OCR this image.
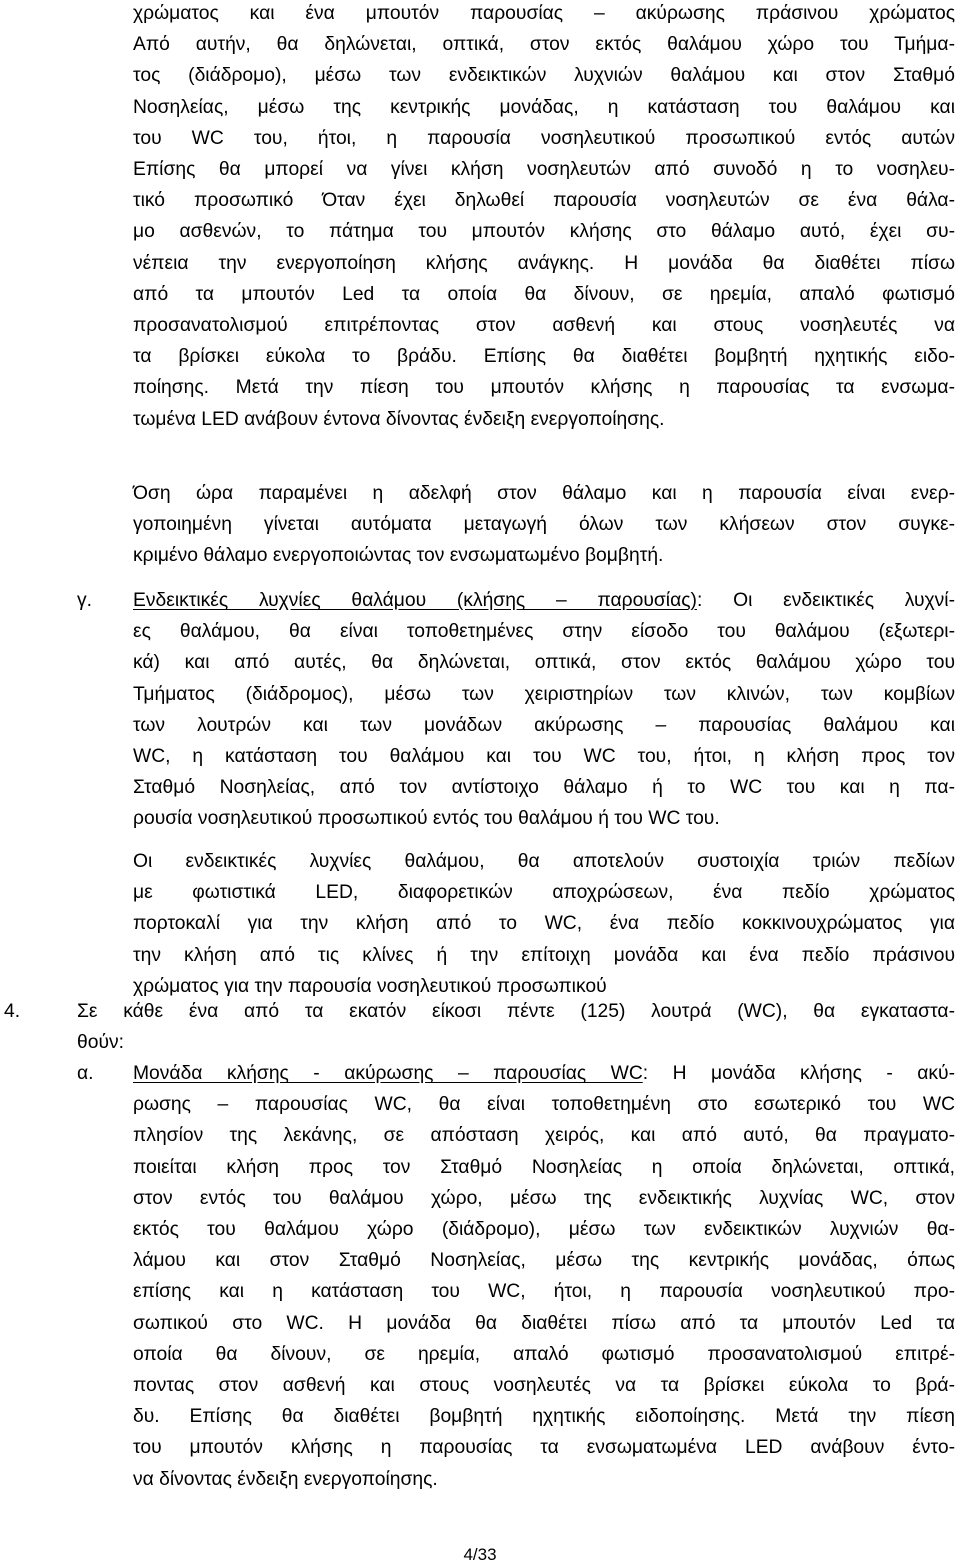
χρώματος και ένα μπουτόν παρουσίας – ακύρωσης πράσινου χρώματος
Από αυτήν, θα δηλώνεται, οπτικά, στον εκτός θαλάμου χώρο του Τμήμα-
τος (διάδρομο), μέσω των ενδεικτικών λυχνιών θαλάμου και στον Σταθμό
Νοσηλείας, μέσω της κεντρικής μονάδας, η κατάσταση του θαλάμου και
του WC του, ήτοι, η παρουσία νοσηλευτικού προσωπικού εντός αυτών
Επίσης θα μπορεί να γίνει κλήση νοσηλευτών από συνοδό η το νοσηλευ-
τικό προσωπικό Όταν έχει δηλωθεί παρουσία νοσηλευτών σε ένα θάλα-
μο ασθενών, το πάτημα του μπουτόν κλήσης στο θάλαμο αυτό, έχει συ-
νέπεια την ενεργοποίηση κλήσης ανάγκης. Η μονάδα θα διαθέτει πίσω
από τα μπουτόν Led τα οποία θα δίνουν, σε ηρεμία, απαλό φωτισμό
προσανατολισμού επιτρέποντας στον ασθενή και στους νοσηλευτές να
τα βρίσκει εύκολα το βράδυ. Επίσης θα διαθέτει βομβητή ηχητικής ειδο-
ποίησης. Μετά την πίεση του μπουτόν κλήσης η παρουσίας τα ενσωμα-
τωμένα LED ανάβουν έντονα δίνοντας ένδειξη ενεργοποίησης.
Όση ώρα παραμένει η αδελφή στον θάλαμο και η παρουσία είναι ενερ-
γοποιημένη γίνεται αυτόματα μεταγωγή όλων των κλήσεων στον συγκε-
κριμένο θάλαμο ενεργοποιώντας τον ενσωματωμένο βομβητή.
γ. Ενδεικτικές λυχνίες θαλάμου (κλήσης – παρουσίας): Οι ενδεικτικές λυχνί-
ες θαλάμου, θα είναι τοποθετημένες στην είσοδο του θαλάμου (εξωτερι-
κά) και από αυτές, θα δηλώνεται, οπτικά, στον εκτός θαλάμου χώρο του
Τμήματος (διάδρομος), μέσω των χειριστηρίων των κλινών, των κομβίων
των λουτρών και των μονάδων ακύρωσης – παρουσίας θαλάμου και
WC, η κατάσταση του θαλάμου και του WC του, ήτοι, η κλήση προς τον
Σταθμό Νοσηλείας, από τον αντίστοιχο θάλαμο ή το WC του και η πα-
ρουσία νοσηλευτικού προσωπικού εντός του θαλάμου ή του WC του.
Οι ενδεικτικές λυχνίες θαλάμου, θα αποτελούν συστοιχία τριών πεδίων
με φωτιστικά LED, διαφορετικών αποχρώσεων, ένα πεδίο χρώματος
πορτοκαλί για την κλήση από το WC, ένα πεδίο κοκκινουχρώματος για
την κλήση από τις κλίνες ή την επίτοιχη μονάδα και ένα πεδίο πράσινου
χρώματος για την παρουσία νοσηλευτικού προσωπικού
4.	Σε κάθε ένα από τα εκατόν είκοσι πέντε (125) λουτρά (WC), θα εγκαταστα-
θούν:
α. Μονάδα κλήσης - ακύρωσης – παρουσίας WC: Η μονάδα κλήσης - ακύ-
ρωσης – παρουσίας WC, θα είναι τοποθετημένη στο εσωτερικό του WC
πλησίον της λεκάνης, σε απόσταση χειρός, και από αυτό, θα πραγματο-
ποιείται κλήση προς τον Σταθμό Νοσηλείας η οποία δηλώνεται, οπτικά,
στον εντός του θαλάμου χώρο, μέσω της ενδεικτικής λυχνίας WC, στον
εκτός του θαλάμου χώρο (διάδρομο), μέσω των ενδεικτικών λυχνιών θα-
λάμου και στον Σταθμό Νοσηλείας, μέσω της κεντρικής μονάδας, όπως
επίσης και η κατάσταση του WC, ήτοι, η παρουσία νοσηλευτικού προ-
σωπικού στο WC. Η μονάδα θα διαθέτει πίσω από τα μπουτόν Led τα
οποία θα δίνουν, σε ηρεμία, απαλό φωτισμό προσανατολισμού επιτρέ-
ποντας στον ασθενή και στους νοσηλευτές να τα βρίσκει εύκολα το βρά-
δυ. Επίσης θα διαθέτει βομβητή ηχητικής ειδοποίησης. Μετά την πίεση
του μπουτόν κλήσης η παρουσίας τα ενσωματωμένα LED ανάβουν έντο-
να δίνοντας ένδειξη ενεργοποίησης.
4/33
